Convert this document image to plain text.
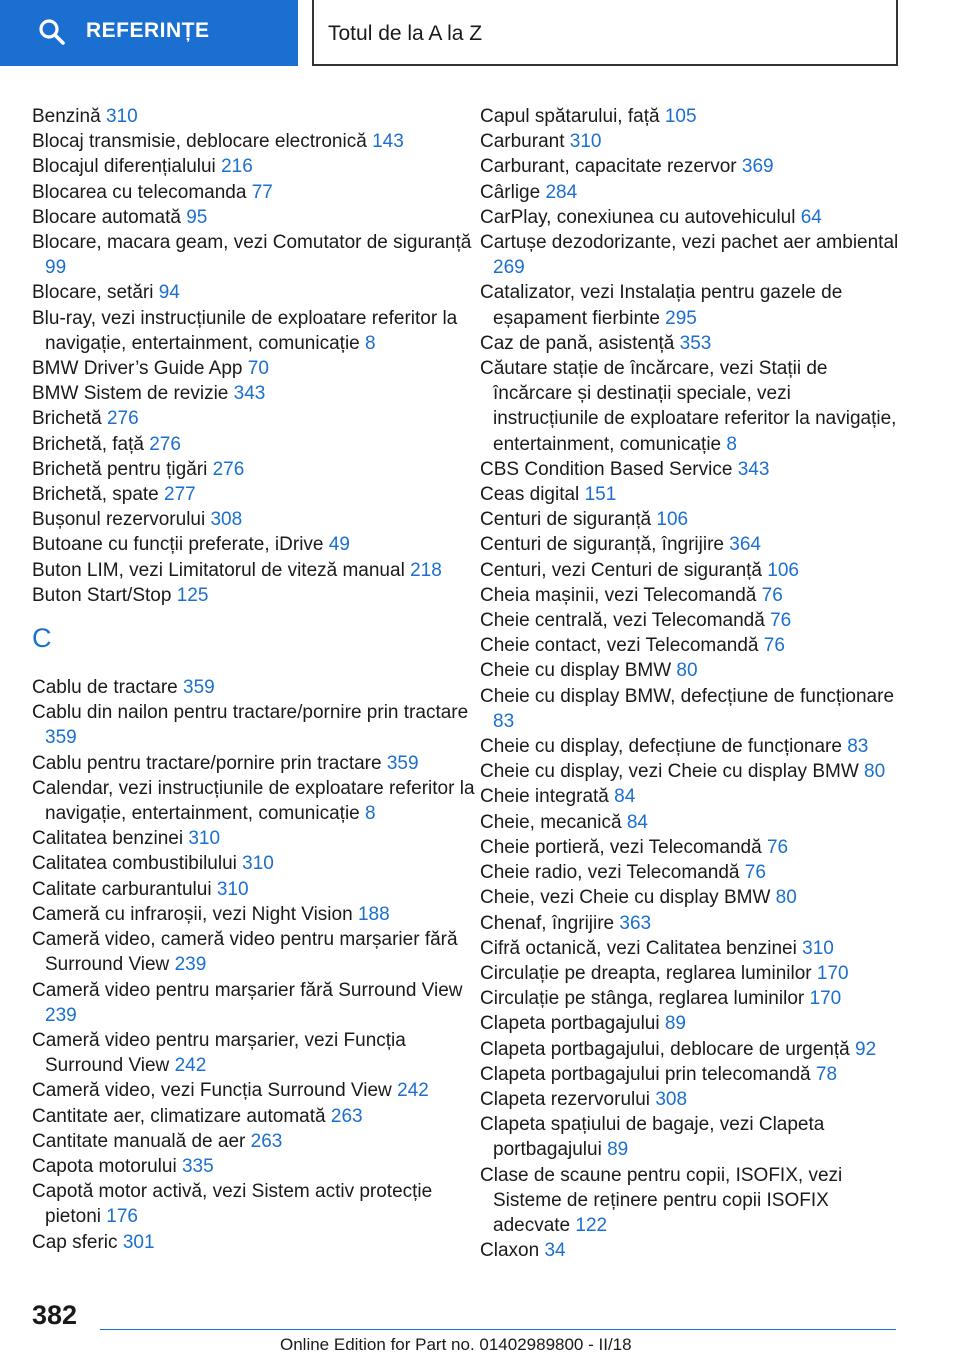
REFERINȚE	Totul de la A la Z
Benzină 310
Blocaj transmisie, deblocare electronică 143
Blocajul diferențialului 216
Blocarea cu telecomanda 77
Blocare automată 95
Blocare, macara geam, vezi Comutator de siguranță 99
Blocare, setări 94
Blu-ray, vezi instrucțiunile de exploatare referitor la navigație, entertainment, comunicație 8
BMW Driver’s Guide App 70
BMW Sistem de revizie 343
Brichetă 276
Brichetă, față 276
Brichetă pentru țigări 276
Brichetă, spate 277
Bușonul rezervorului 308
Butoane cu funcții preferate, iDrive 49
Buton LIM, vezi Limitatorul de viteză manual 218
Buton Start/Stop 125
C
Cablu de tractare 359
Cablu din nailon pentru tractare/pornire prin tractare 359
Cablu pentru tractare/pornire prin tractare 359
Calendar, vezi instrucțiunile de exploatare referitor la navigație, entertainment, comunicație 8
Calitatea benzinei 310
Calitatea combustibilului 310
Calitate carburantului 310
Cameră cu infraroșii, vezi Night Vision 188
Cameră video, cameră video pentru marșarier fără Surround View 239
Cameră video pentru marșarier fără Surround View 239
Cameră video pentru marșarier, vezi Funcția Surround View 242
Cameră video, vezi Funcția Surround View 242
Cantitate aer, climatizare automată 263
Cantitate manuală de aer 263
Capota motorului 335
Capotă motor activă, vezi Sistem activ protecție pietoni 176
Cap sferic 301
Capul spătarului, față 105
Carburant 310
Carburant, capacitate rezervor 369
Cârlige 284
CarPlay, conexiunea cu autovehiculul 64
Cartușe dezodorizante, vezi pachet aer ambiental 269
Catalizator, vezi Instalația pentru gazele de eșapament fierbinte 295
Caz de pană, asistență 353
Căutare stație de încărcare, vezi Stații de încărcare și destinații speciale, vezi instrucțiunile de exploatare referitor la navigație, entertainment, comunicație 8
CBS Condition Based Service 343
Ceas digital 151
Centuri de siguranță 106
Centuri de siguranță, îngrijire 364
Centuri, vezi Centuri de siguranță 106
Cheia mașinii, vezi Telecomandă 76
Cheie centrală, vezi Telecomandă 76
Cheie contact, vezi Telecomandă 76
Cheie cu display BMW 80
Cheie cu display BMW, defecțiune de funcționare 83
Cheie cu display, defecțiune de funcționare 83
Cheie cu display, vezi Cheie cu display BMW 80
Cheie integrată 84
Cheie, mecanică 84
Cheie portieră, vezi Telecomandă 76
Cheie radio, vezi Telecomandă 76
Cheie, vezi Cheie cu display BMW 80
Chenaf, îngrijire 363
Cifră octanică, vezi Calitatea benzinei 310
Circulație pe dreapta, reglarea luminilor 170
Circulație pe stânga, reglarea luminilor 170
Clapeta portbagajului 89
Clapeta portbagajului, deblocare de urgență 92
Clapeta portbagajului prin telecomandă 78
Clapeta rezervorului 308
Clapeta spațiului de bagaje, vezi Clapeta portbagajului 89
Clase de scaune pentru copii, ISOFIX, vezi Sisteme de reținere pentru copii ISOFIX adecvate 122
Claxon 34
382
Online Edition for Part no. 01402989800 - II/18
